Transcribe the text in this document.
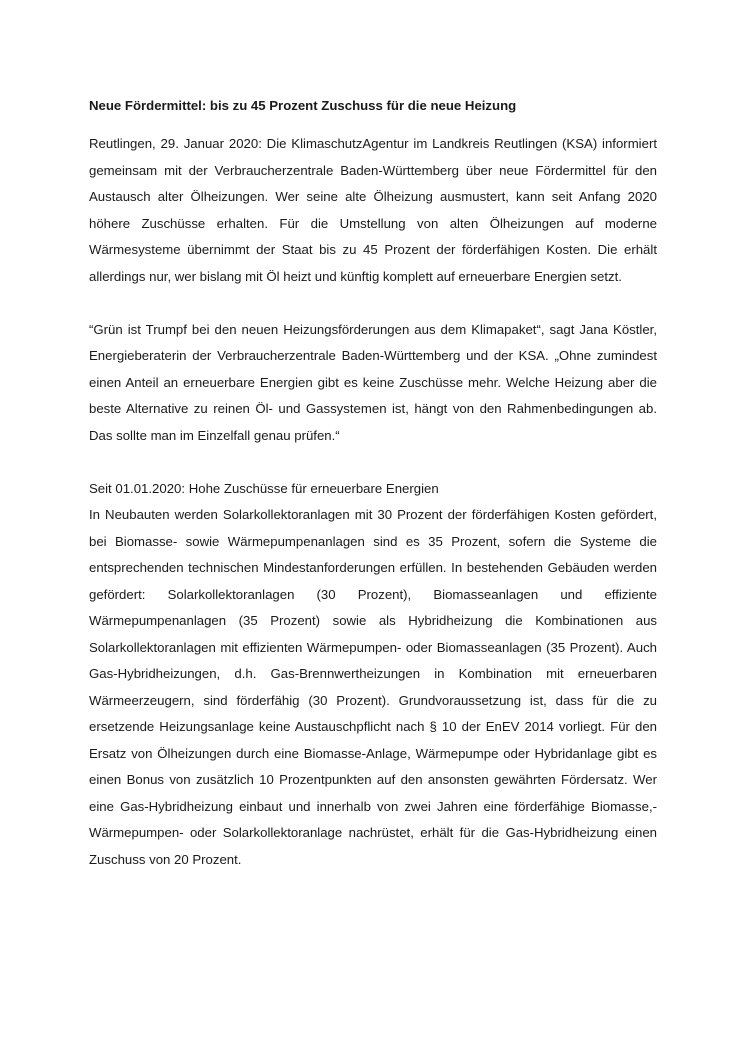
Neue Fördermittel: bis zu 45 Prozent Zuschuss für die neue Heizung

Reutlingen, 29. Januar 2020: Die KlimaschutzAgentur im Landkreis Reutlingen (KSA) informiert gemeinsam mit der Verbraucherzentrale Baden-Württemberg über neue Fördermittel für den Austausch alter Ölheizungen. Wer seine alte Ölheizung ausmustert, kann seit Anfang 2020 höhere Zuschüsse erhalten. Für die Umstellung von alten Ölheizungen auf moderne Wärmesysteme übernimmt der Staat bis zu 45 Prozent der förderfähigen Kosten. Die erhält allerdings nur, wer bislang mit Öl heizt und künftig komplett auf erneuerbare Energien setzt.

“Grün ist Trumpf bei den neuen Heizungsförderungen aus dem Klimapaket“, sagt Jana Köstler, Energieberaterin der Verbraucherzentrale Baden-Württemberg und der KSA. „Ohne zumindest einen Anteil an erneuerbare Energien gibt es keine Zuschüsse mehr. Welche Heizung aber die beste Alternative zu reinen Öl- und Gassystemen ist, hängt von den Rahmenbedingungen ab. Das sollte man im Einzelfall genau prüfen.“

Seit 01.01.2020: Hohe Zuschüsse für erneuerbare Energien

In Neubauten werden Solarkollektoranlagen mit 30 Prozent der förderfähigen Kosten gefördert, bei Biomasse- sowie Wärmepumpenanlagen sind es 35 Prozent, sofern die Systeme die entsprechenden technischen Mindestanforderungen erfüllen. In bestehenden Gebäuden werden gefördert: Solarkollektoranlagen (30 Prozent), Biomasseanlagen und effiziente Wärmepumpenanlagen (35 Prozent) sowie als Hybridheizung die Kombinationen aus Solarkollektoranlagen mit effizienten Wärmepumpen- oder Biomasseanlagen (35 Prozent). Auch Gas-Hybridheizungen, d.h. Gas-Brennwertheizungen in Kombination mit erneuerbaren Wärmeerzeugern, sind förderfähig (30 Prozent). Grundvoraussetzung ist, dass für die zu ersetzende Heizungsanlage keine Austauschpflicht nach § 10 der EnEV 2014 vorliegt. Für den Ersatz von Ölheizungen durch eine Biomasse-Anlage, Wärmepumpe oder Hybridanlage gibt es einen Bonus von zusätzlich 10 Prozentpunkten auf den ansonsten gewährten Fördersatz. Wer eine Gas-Hybridheizung einbaut und innerhalb von zwei Jahren eine förderfähige Biomasse,- Wärmepumpen- oder Solarkollektoranlage nachrüstet, erhält für die Gas-Hybridheizung einen Zuschuss von 20 Prozent.
